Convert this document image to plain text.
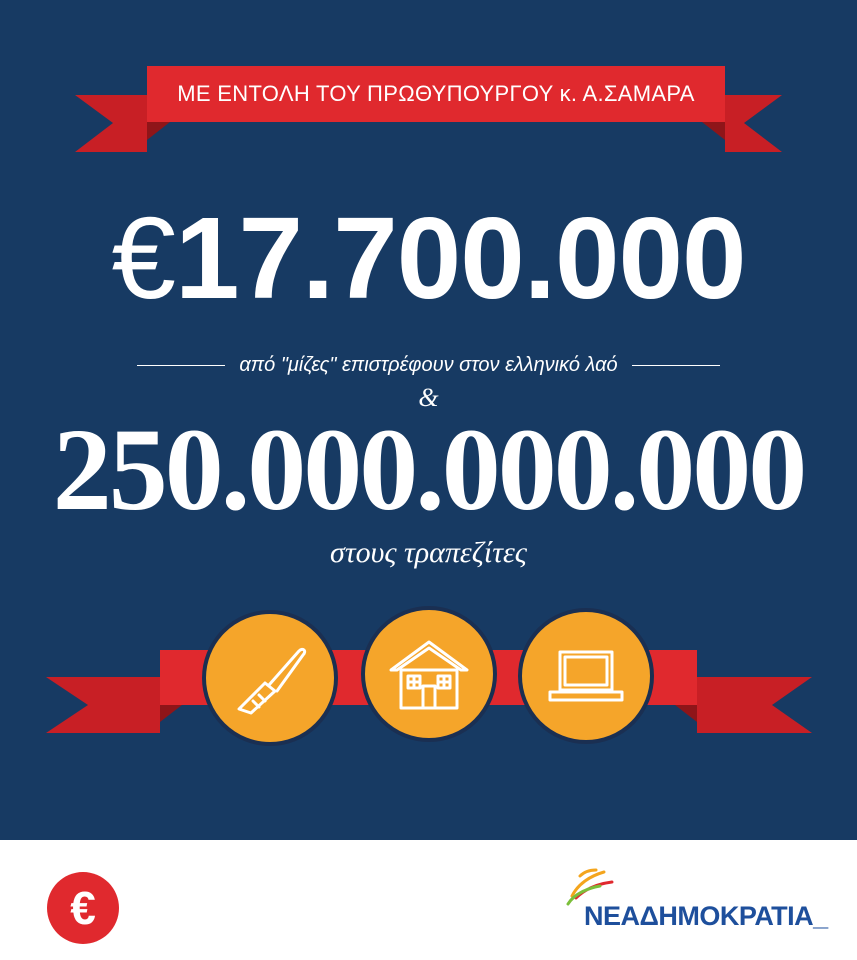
ΜΕ ΕΝΤΟΛΗ ΤΟΥ ΠΡΩΘΥΠΟΥΡΓΟΥ κ. Α.ΣΑΜΑΡΑ
€17.700.000
από "μίζες" επιστρέφουν στον ελληνικό λαό
&
250.000.000.000
στους τραπεζίτες
€	ΝΕΑΔΗΜΟΚΡΑΤΙΑ_
